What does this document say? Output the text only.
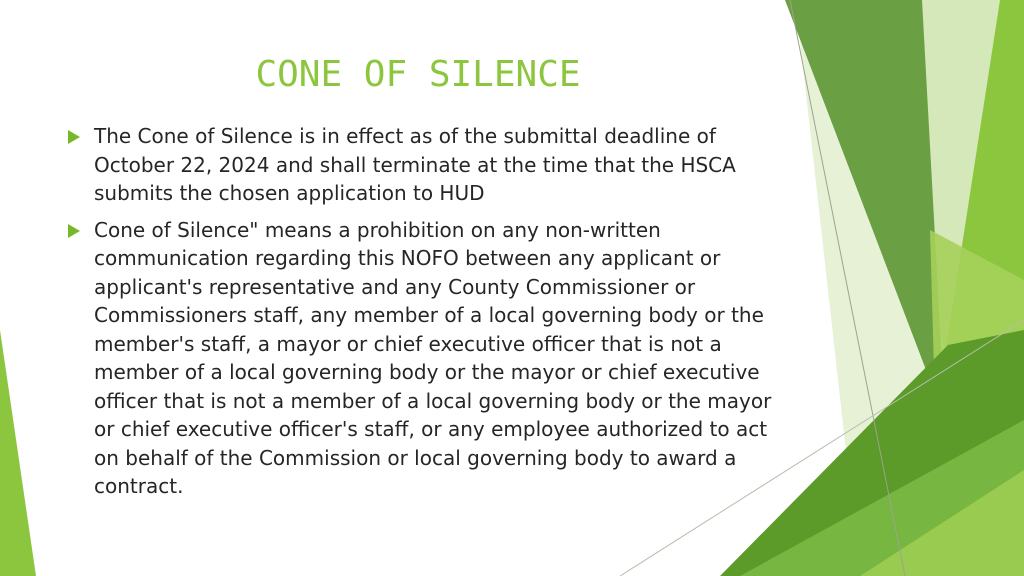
CONE OF SILENCE
The Cone of Silence is in effect as of the submittal deadline of October 22, 2024 and shall terminate at the time that the HSCA submits the chosen application to HUD
Cone of Silence" means a prohibition on any non-written communication regarding this NOFO between any applicant or applicant's representative and any County Commissioner or Commissioners staff, any member of a local governing body or the member's staff, a mayor or chief executive officer that is not a member of a local governing body or the mayor or chief executive officer that is not a member of a local governing body or the mayor or chief executive officer's staff, or any employee authorized to act on behalf of the Commission or local governing body to award a contract.
